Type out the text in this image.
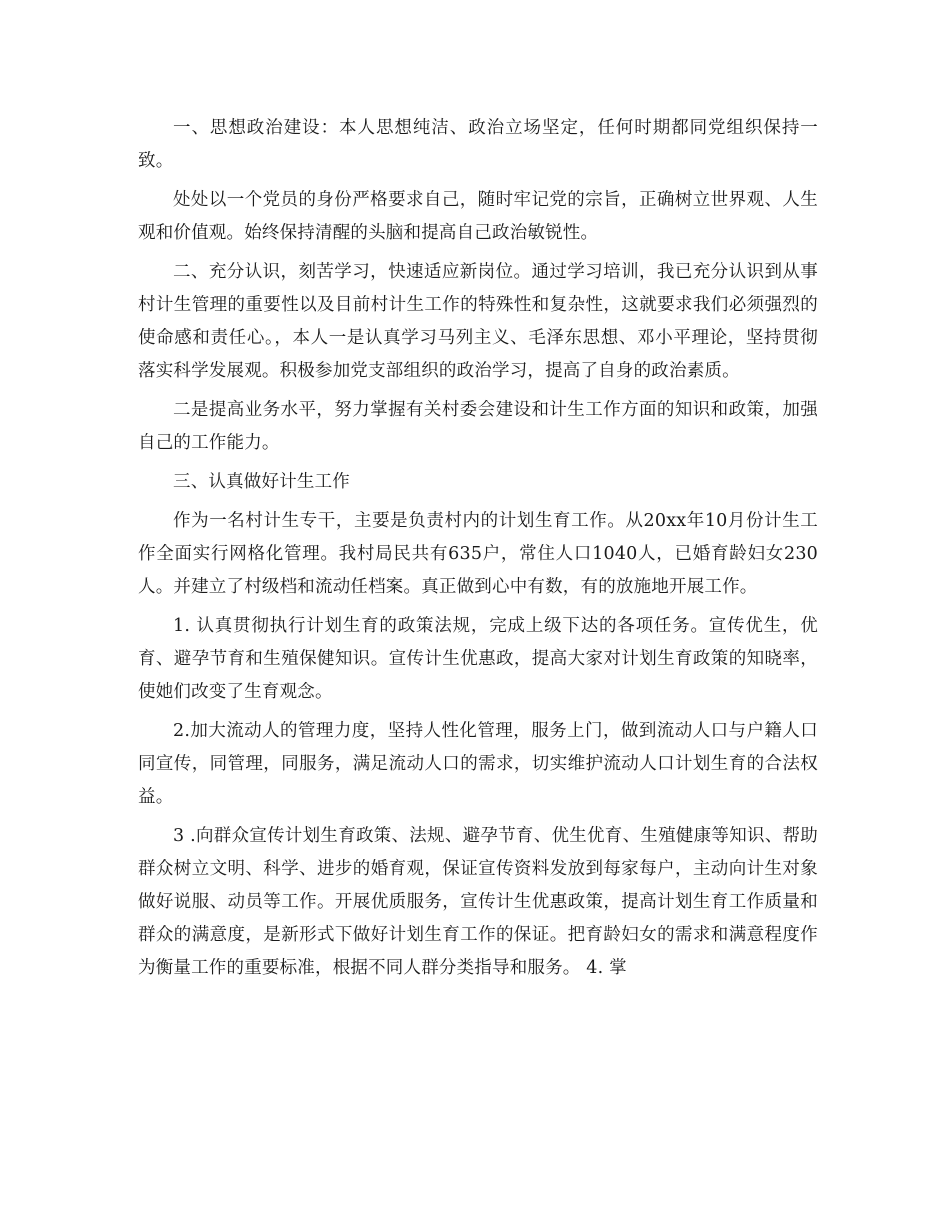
一、思想政治建设：本人思想纯洁、政治立场坚定，任何时期都同党组织保持一致。

处处以一个党员的身份严格要求自己，随时牢记党的宗旨，正确树立世界观、人生观和价值观。始终保持清醒的头脑和提高自己政治敏锐性。

二、充分认识，刻苦学习，快速适应新岗位。通过学习培训，我已充分认识到从事村计生管理的重要性以及目前村计生工作的特殊性和复杂性，这就要求我们必须强烈的使命感和责任心。，本人一是认真学习马列主义、毛泽东思想、邓小平理论，坚持贯彻落实科学发展观。积极参加党支部组织的政治学习，提高了自身的政治素质。

二是提高业务水平，努力掌握有关村委会建设和计生工作方面的知识和政策，加强自己的工作能力。

三、认真做好计生工作

作为一名村计生专干，主要是负责村内的计划生育工作。从20xx年10月份计生工作全面实行网格化管理。我村局民共有635户，常住人口1040人，已婚育龄妇女230人。并建立了村级档和流动任档案。真正做到心中有数，有的放施地开展工作。

1. 认真贯彻执行计划生育的政策法规，完成上级下达的各项任务。宣传优生，优育、避孕节育和生殖保健知识。宣传计生优惠政，提高大家对计划生育政策的知晓率，使她们改变了生育观念。

2.加大流动人的管理力度，坚持人性化管理，服务上门，做到流动人口与户籍人口同宣传，同管理，同服务，满足流动人口的需求，切实维护流动人口计划生育的合法权益。

3 .向群众宣传计划生育政策、法规、避孕节育、优生优育、生殖健康等知识、帮助群众树立文明、科学、进步的婚育观，保证宣传资料发放到每家每户，主动向计生对象做好说服、动员等工作。开展优质服务，宣传计生优惠政策，提高计划生育工作质量和群众的满意度，是新形式下做好计划生育工作的保证。把育龄妇女的需求和满意程度作为衡量工作的重要标准，根据不同人群分类指导和服务。 4. 掌
